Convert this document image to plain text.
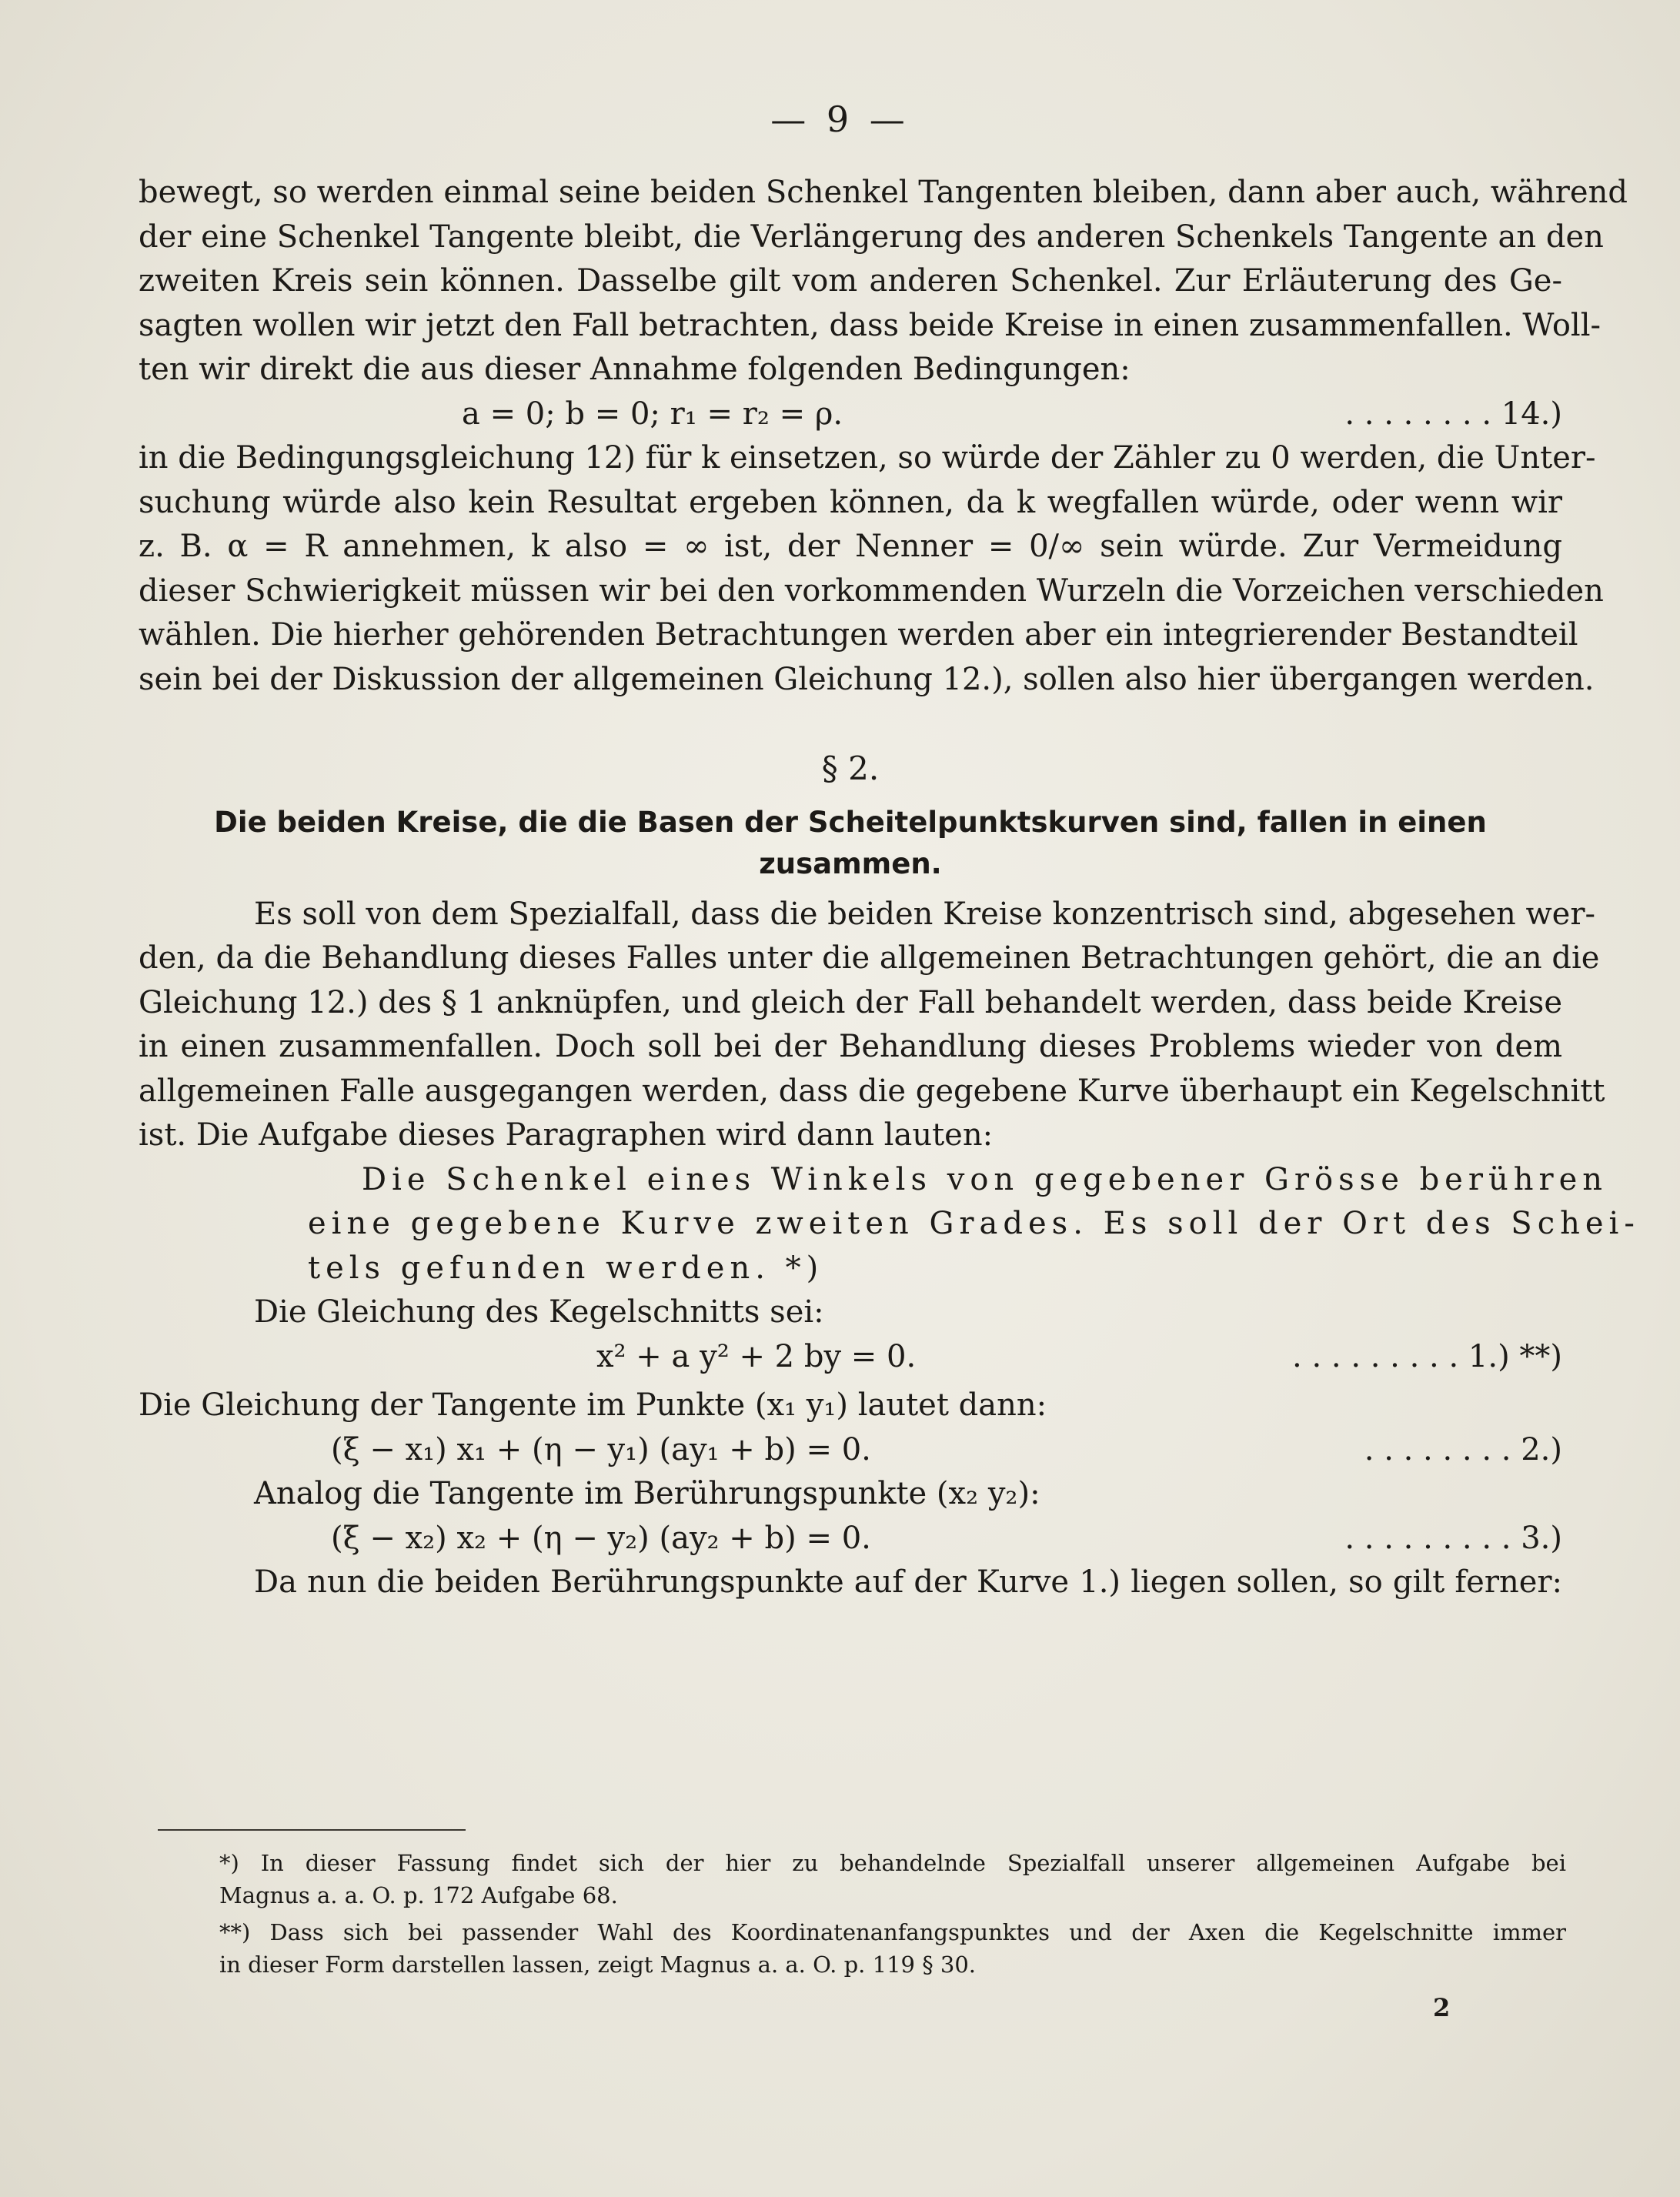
— 9 —
bewegt, so werden einmal seine beiden Schenkel Tangenten bleiben, dann aber auch, während
der eine Schenkel Tangente bleibt, die Verlängerung des anderen Schenkels Tangente an den
zweiten Kreis sein können. Dasselbe gilt vom anderen Schenkel. Zur Erläuterung des Ge-
sagten wollen wir jetzt den Fall betrachten, dass beide Kreise in einen zusammenfallen. Woll-
ten wir direkt die aus dieser Annahme folgenden Bedingungen:
a = 0; b = 0; r₁ = r₂ = ρ.	. . . . . . . . 14.)
in die Bedingungsgleichung 12) für k einsetzen, so würde der Zähler zu 0 werden, die Unter-
suchung würde also kein Resultat ergeben können, da k wegfallen würde, oder wenn wir
z. B. α = R annehmen, k also = ∞ ist, der Nenner = 0/∞ sein würde. Zur Vermeidung
dieser Schwierigkeit müssen wir bei den vorkommenden Wurzeln die Vorzeichen verschieden
wählen. Die hierher gehörenden Betrachtungen werden aber ein integrierender Bestandteil
sein bei der Diskussion der allgemeinen Gleichung 12.), sollen also hier übergangen werden.
§ 2.
Die beiden Kreise, die die Basen der Scheitelpunktskurven sind, fallen in einen
zusammen.
Es soll von dem Spezialfall, dass die beiden Kreise konzentrisch sind, abgesehen wer-
den, da die Behandlung dieses Falles unter die allgemeinen Betrachtungen gehört, die an die
Gleichung 12.) des § 1 anknüpfen, und gleich der Fall behandelt werden, dass beide Kreise
in einen zusammenfallen. Doch soll bei der Behandlung dieses Problems wieder von dem
allgemeinen Falle ausgegangen werden, dass die gegebene Kurve überhaupt ein Kegelschnitt
ist. Die Aufgabe dieses Paragraphen wird dann lauten:
Die Schenkel eines Winkels von gegebener Grösse berühren
eine gegebene Kurve zweiten Grades. Es soll der Ort des Schei-
tels gefunden werden. *)
Die Gleichung des Kegelschnitts sei:
x² + a y² + 2 by = 0.	. . . . . . . . . 1.) **)
Die Gleichung der Tangente im Punkte (x₁ y₁) lautet dann:
(ξ − x₁) x₁ + (η − y₁) (ay₁ + b) = 0.	. . . . . . . . 2.)
Analog die Tangente im Berührungspunkte (x₂ y₂):
(ξ − x₂) x₂ + (η − y₂) (ay₂ + b) = 0.	. . . . . . . . . 3.)
Da nun die beiden Berührungspunkte auf der Kurve 1.) liegen sollen, so gilt ferner:
*) In dieser Fassung findet sich der hier zu behandelnde Spezialfall unserer allgemeinen Aufgabe bei
Magnus a. a. O. p. 172 Aufgabe 68.
**) Dass sich bei passender Wahl des Koordinatenanfangspunktes und der Axen die Kegelschnitte immer
in dieser Form darstellen lassen, zeigt Magnus a. a. O. p. 119 § 30.
2
